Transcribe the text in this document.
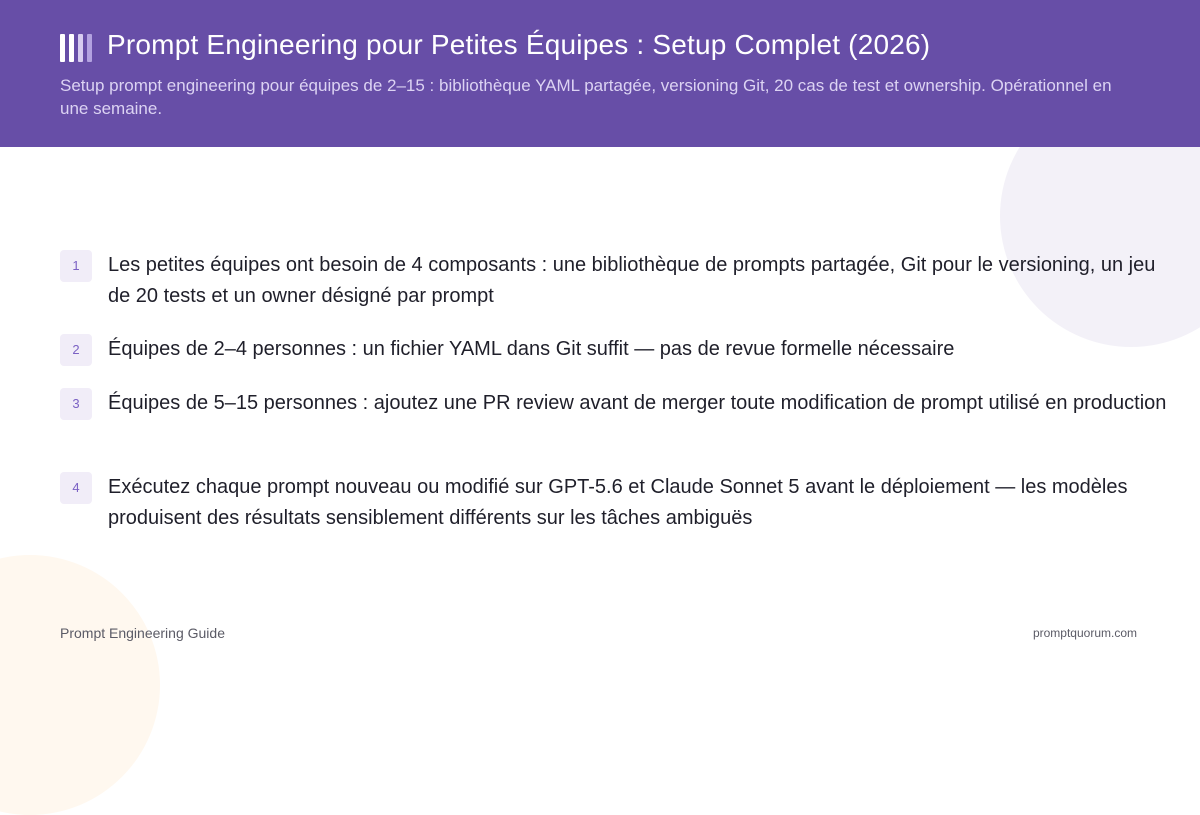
Prompt Engineering pour Petites Équipes : Setup Complet (2026)

Setup prompt engineering pour équipes de 2–15 : bibliothèque YAML partagée, versioning Git, 20 cas de test et ownership. Opérationnel en une semaine.

1	Les petites équipes ont besoin de 4 composants : une bibliothèque de prompts partagée, Git pour le versioning, un jeu de 20 tests et un owner désigné par prompt

2	Équipes de 2–4 personnes : un fichier YAML dans Git suffit — pas de revue formelle nécessaire

3	Équipes de 5–15 personnes : ajoutez une PR review avant de merger toute modification de prompt utilisé en production

4	Exécutez chaque prompt nouveau ou modifié sur GPT-5.6 et Claude Sonnet 5 avant le déploiement — les modèles produisent des résultats sensiblement différents sur les tâches ambiguës

Prompt Engineering Guide	promptquorum.com
